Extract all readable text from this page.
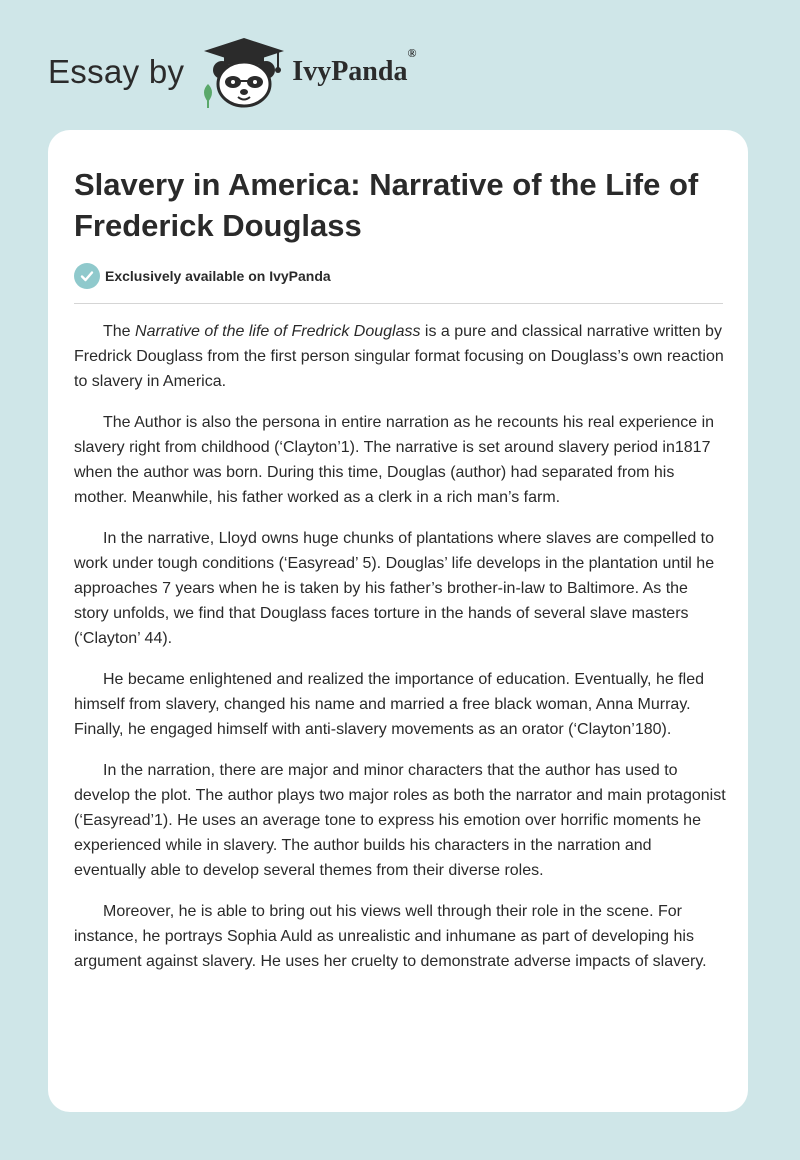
Essay by	IvyPanda®
Slavery in America: Narrative of the Life of Frederick Douglass
Exclusively available on IvyPanda

The Narrative of the life of Fredrick Douglass is a pure and classical narrative written by Fredrick Douglass from the first person singular format focusing on Douglass’s own reaction to slavery in America.

The Author is also the persona in entire narration as he recounts his real experience in slavery right from childhood (‘Clayton’1). The narrative is set around slavery period in1817 when the author was born. During this time, Douglas (author) had separated from his mother. Meanwhile, his father worked as a clerk in a rich man’s farm.

In the narrative, Lloyd owns huge chunks of plantations where slaves are compelled to work under tough conditions (‘Easyread’ 5). Douglas’ life develops in the plantation until he approaches 7 years when he is taken by his father’s brother-in-law to Baltimore. As the story unfolds, we find that Douglass faces torture in the hands of several slave masters (‘Clayton’ 44).

He became enlightened and realized the importance of education. Eventually, he fled himself from slavery, changed his name and married a free black woman, Anna Murray. Finally, he engaged himself with anti-slavery movements as an orator (‘Clayton’180).

In the narration, there are major and minor characters that the author has used to develop the plot. The author plays two major roles as both the narrator and main protagonist (‘Easyread’1). He uses an average tone to express his emotion over horrific moments he experienced while in slavery. The author builds his characters in the narration and eventually able to develop several themes from their diverse roles.

Moreover, he is able to bring out his views well through their role in the scene. For instance, he portrays Sophia Auld as unrealistic and inhumane as part of developing his argument against slavery. He uses her cruelty to demonstrate adverse impacts of slavery.
